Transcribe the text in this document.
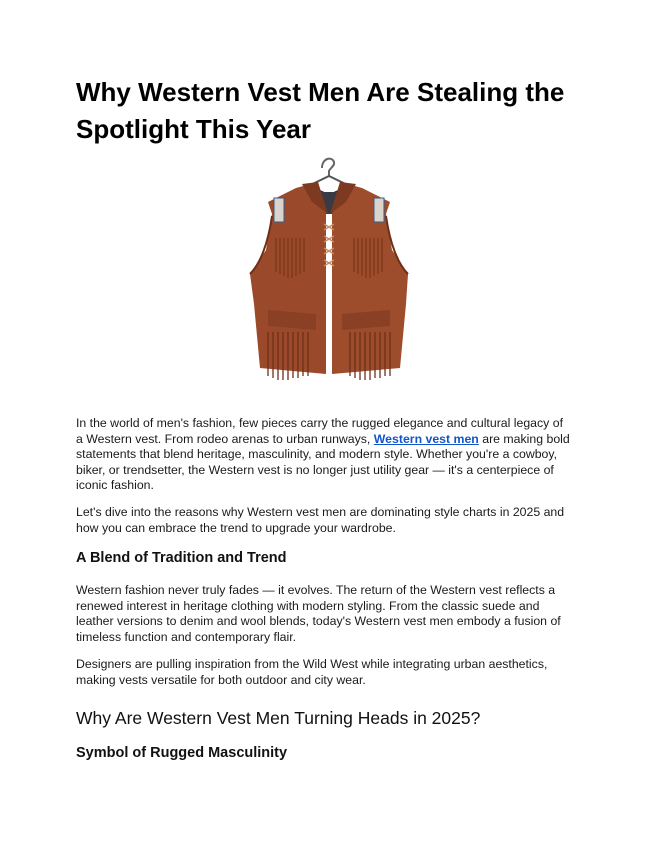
Why Western Vest Men Are Stealing the Spotlight This Year

In the world of men's fashion, few pieces carry the rugged elegance and cultural legacy of a Western vest. From rodeo arenas to urban runways, Western vest men are making bold statements that blend heritage, masculinity, and modern style. Whether you're a cowboy, biker, or trendsetter, the Western vest is no longer just utility gear — it's a centerpiece of iconic fashion.

Let's dive into the reasons why Western vest men are dominating style charts in 2025 and how you can embrace the trend to upgrade your wardrobe.

A Blend of Tradition and Trend

Western fashion never truly fades — it evolves. The return of the Western vest reflects a renewed interest in heritage clothing with modern styling. From the classic suede and leather versions to denim and wool blends, today's Western vest men embody a fusion of timeless function and contemporary flair.

Designers are pulling inspiration from the Wild West while integrating urban aesthetics, making vests versatile for both outdoor and city wear.

Why Are Western Vest Men Turning Heads in 2025?
Symbol of Rugged Masculinity
